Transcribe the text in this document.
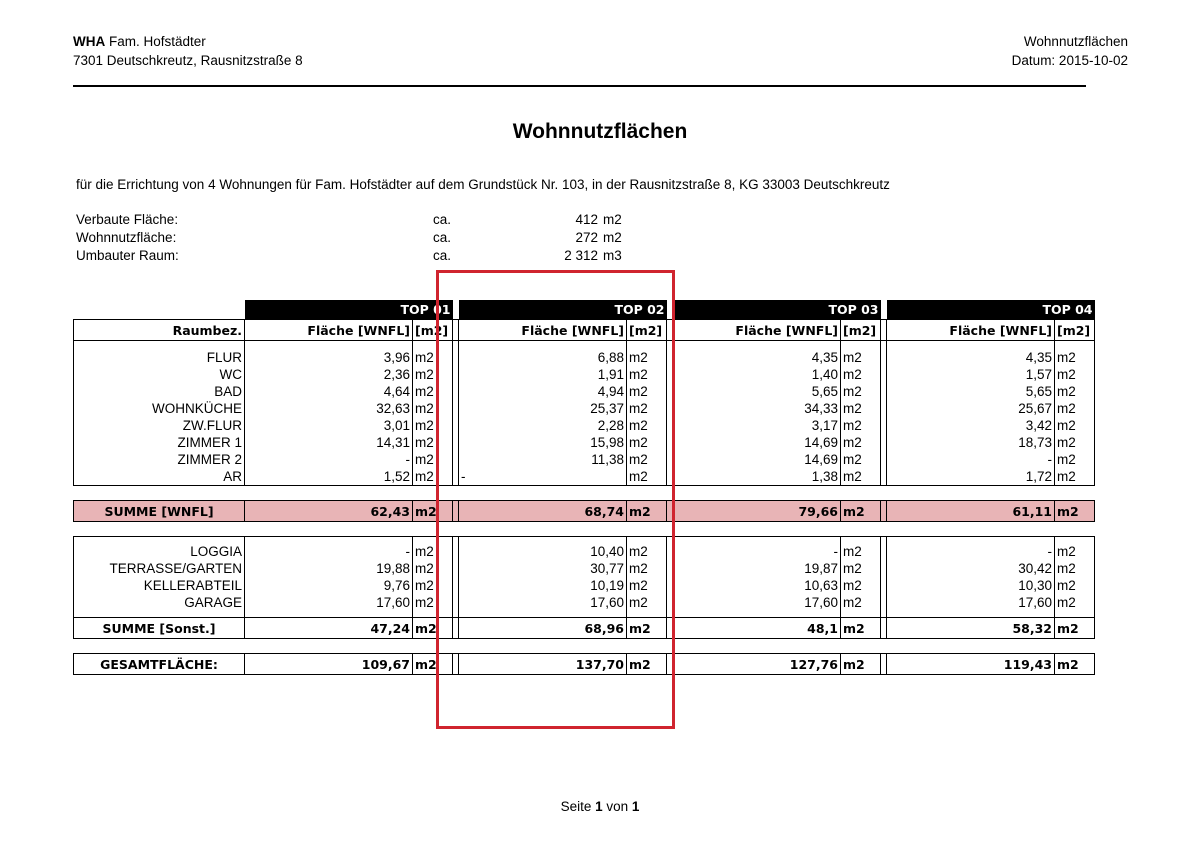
WHA Fam. Hofstädter
7301 Deutschkreutz, Rausnitzstraße 8
Wohnnutzflächen
Datum: 2015-10-02
Wohnnutzflächen
für die Errichtung von 4 Wohnungen für Fam. Hofstädter auf dem Grundstück Nr. 103, in der Rausnitzstraße 8, KG 33003 Deutschkreutz
Verbaute Fläche:	ca.	412 m2
Wohnnutzfläche:	ca.	272 m2
Umbauter Raum:	ca.	2 312 m3
	TOP 01			TOP 02			TOP 03			TOP 04	
Raumbez.	Fläche [WNFL]	[m2]		Fläche [WNFL]	[m2]		Fläche [WNFL]	[m2]		Fläche [WNFL]	[m2]

FLUR	3,96	m2		6,88	m2		4,35	m2		4,35	m2
WC	2,36	m2		1,91	m2		1,40	m2		1,57	m2
BAD	4,64	m2		4,94	m2		5,65	m2		5,65	m2
WOHNKÜCHE	32,63	m2		25,37	m2		34,33	m2		25,67	m2
ZW.FLUR	3,01	m2		2,28	m2		3,17	m2		3,42	m2
ZIMMER 1	14,31	m2		15,98	m2		14,69	m2		18,73	m2
ZIMMER 2	-	m2		11,38	m2		14,69	m2		-	m2
AR	1,52	m2		-	m2		1,38	m2		1,72	m2

SUMME [WNFL]	62,43	m2		68,74	m2		79,66	m2		61,11	m2

LOGGIA	-	m2		10,40	m2		-	m2		-	m2
TERRASSE/GARTEN	19,88	m2		30,77	m2		19,87	m2		30,42	m2
KELLERABTEIL	9,76	m2		10,19	m2		10,63	m2		10,30	m2
GARAGE	17,60	m2		17,60	m2		17,60	m2		17,60	m2

SUMME [Sonst.]	47,24	m2		68,96	m2		48,1	m2		58,32	m2

GESAMTFLÄCHE:	109,67	m2		137,70	m2		127,76	m2		119,43	m2
Seite 1 von 1
